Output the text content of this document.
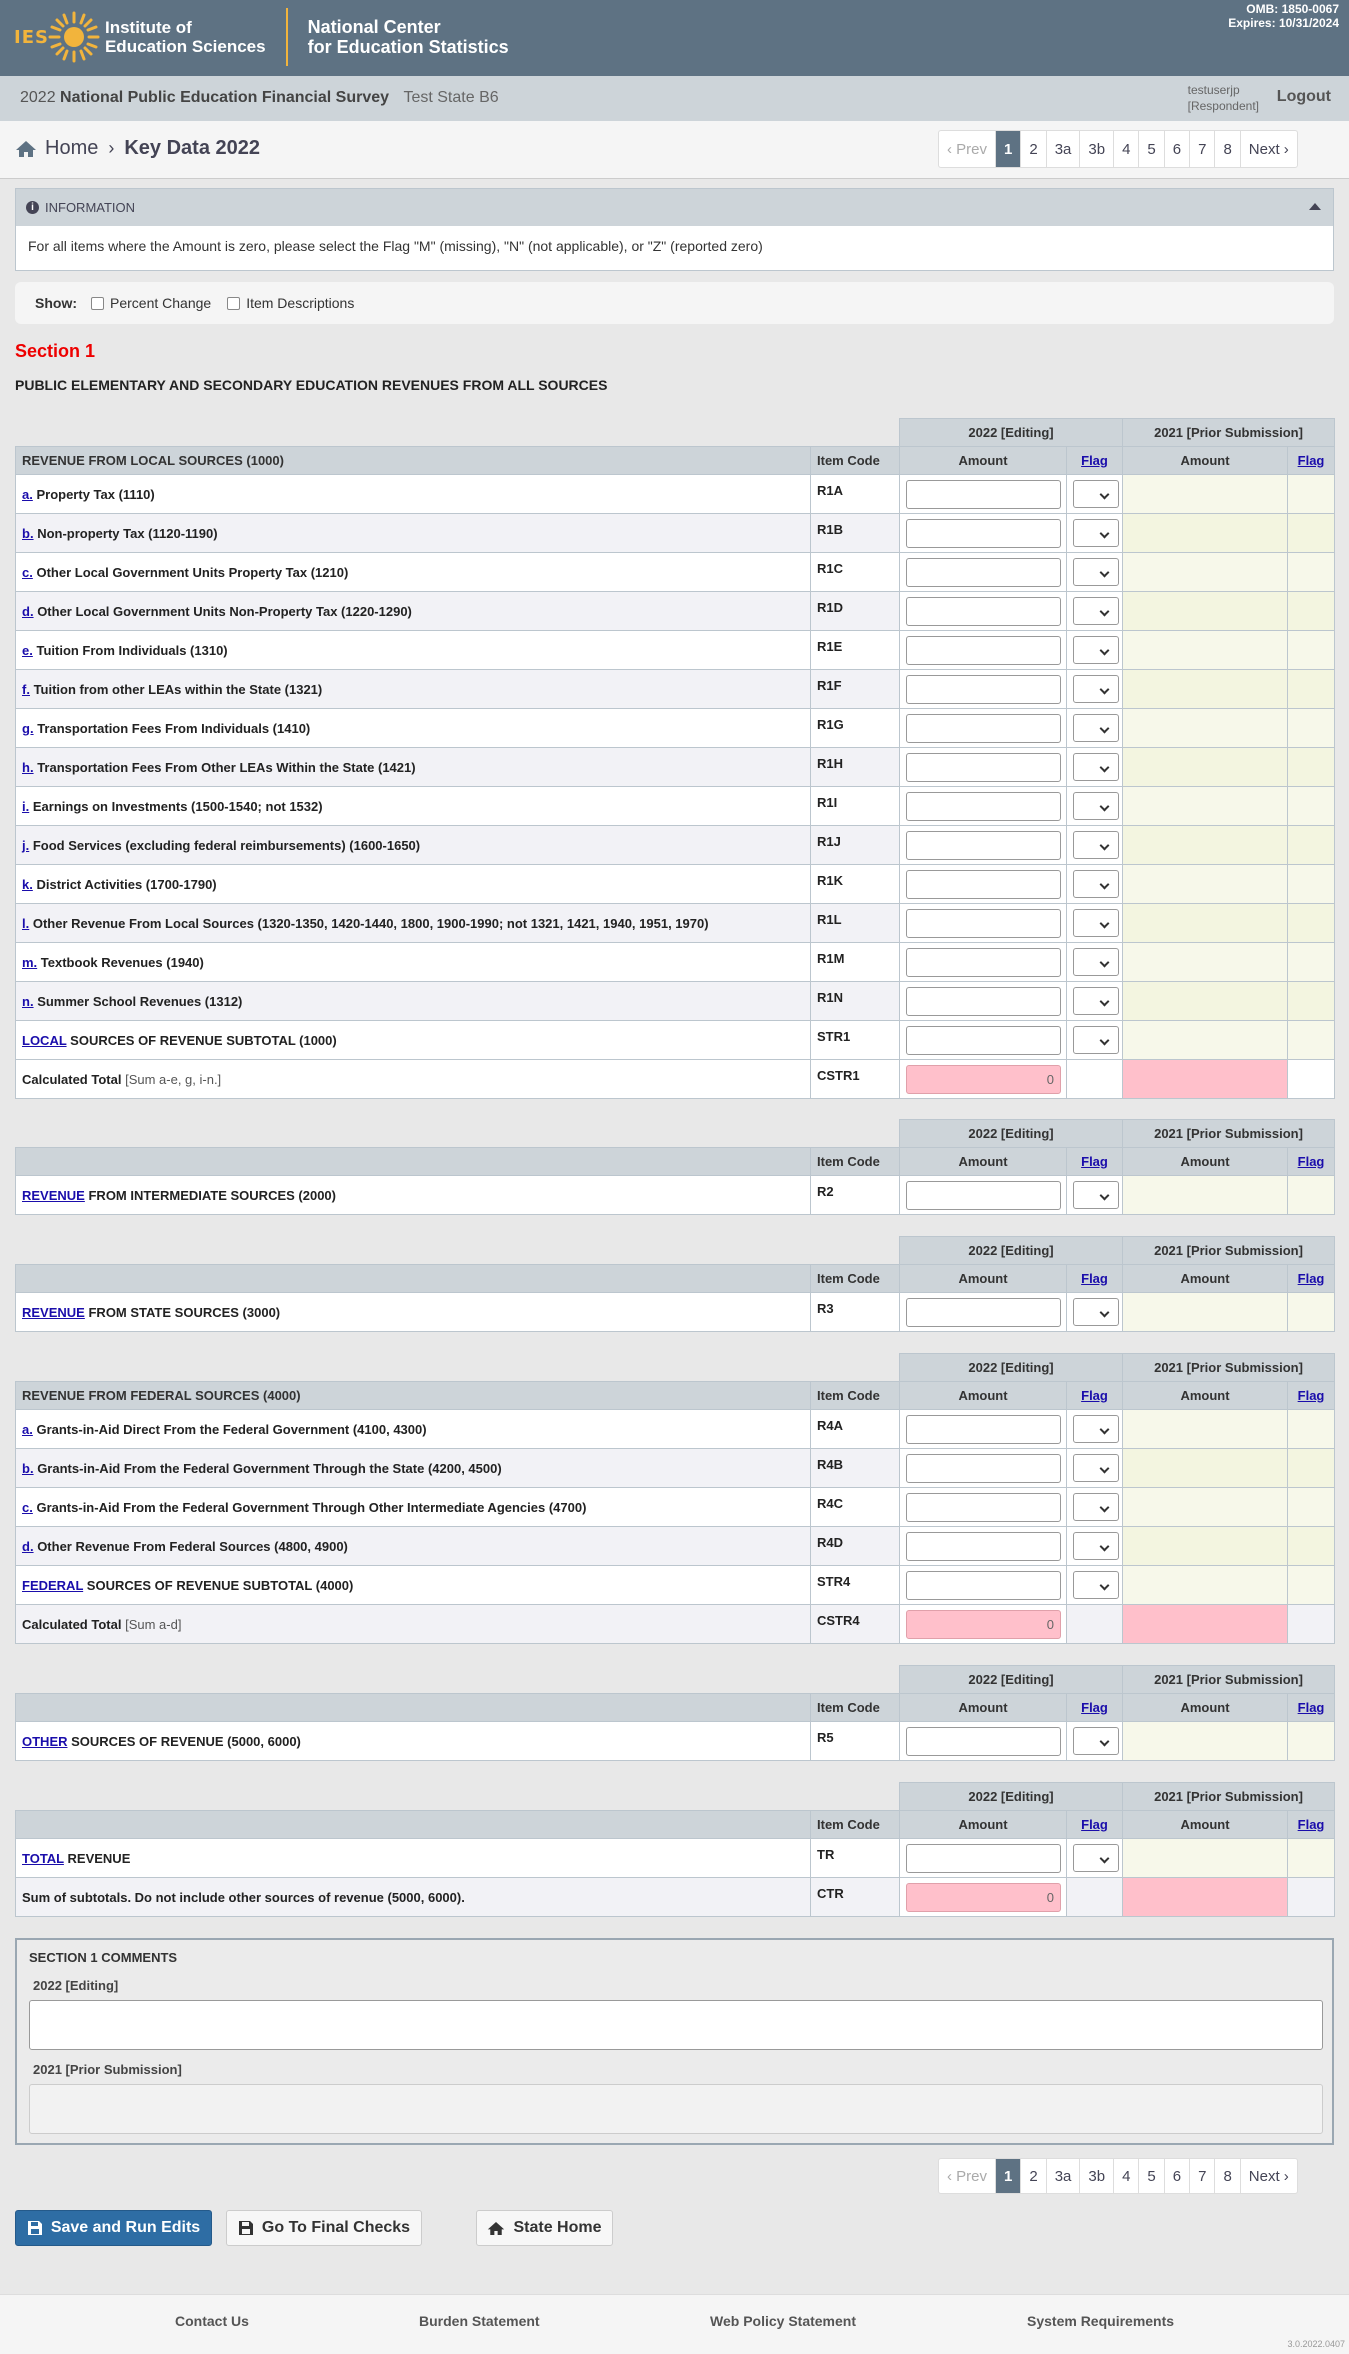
IES	Institute of
Education Sciences
National Center
for Education Statistics
OMB: 1850-0067
Expires: 10/31/2024
2022 National Public Education Financial Survey Test State B6	testuserjp
[Respondent]
Logout
Home › Key Data 2022	‹ Prev	1	2	3a	3b	4	5	6	7	8	Next ›
i INFORMATION
For all items where the Amount is zero, please select the Flag "M" (missing), "N" (not applicable), or "Z" (reported zero)
Show: Percent Change	Item Descriptions
Section 1
PUBLIC ELEMENTARY AND SECONDARY EDUCATION REVENUES FROM ALL SOURCES
		2022 [Editing]		2021 [Prior Submission]	
REVENUE FROM LOCAL SOURCES (1000)	Item Code	Amount	Flag	Amount	Flag
a. Property Tax (1110)	R1A	

b. Non-property Tax (1120-1190)	R1B	

c. Other Local Government Units Property Tax (1210)	R1C	

d. Other Local Government Units Non-Property Tax (1220-1290)	R1D	

e. Tuition From Individuals (1310)	R1E	

f. Tuition from other LEAs within the State (1321)	R1F	

g. Transportation Fees From Individuals (1410)	R1G	

h. Transportation Fees From Other LEAs Within the State (1421)	R1H	

i. Earnings on Investments (1500-1540; not 1532)	R1I	

j. Food Services (excluding federal reimbursements) (1600-1650)	R1J	

k. District Activities (1700-1790)	R1K	

l. Other Revenue From Local Sources (1320-1350, 1420-1440, 1800, 1900-1990; not 1321, 1421, 1940, 1951, 1970)	R1L	

m. Textbook Revenues (1940)	R1M	

n. Summer School Revenues (1312)	R1N	

LOCAL SOURCES OF REVENUE SUBTOTAL (1000)	STR1	

Calculated Total [Sum a-e, g, i-n.]	CSTR1	0			

		2022 [Editing]		2021 [Prior Submission]	
	Item Code	Amount	Flag	Amount	Flag
REVENUE FROM INTERMEDIATE SOURCES (2000)	R2	

		2022 [Editing]		2021 [Prior Submission]	
	Item Code	Amount	Flag	Amount	Flag
REVENUE FROM STATE SOURCES (3000)	R3	

		2022 [Editing]		2021 [Prior Submission]	
REVENUE FROM FEDERAL SOURCES (4000)	Item Code	Amount	Flag	Amount	Flag
a. Grants-in-Aid Direct From the Federal Government (4100, 4300)	R4A	

b. Grants-in-Aid From the Federal Government Through the State (4200, 4500)	R4B	

c. Grants-in-Aid From the Federal Government Through Other Intermediate Agencies (4700)	R4C	

d. Other Revenue From Federal Sources (4800, 4900)	R4D	

FEDERAL SOURCES OF REVENUE SUBTOTAL (4000)	STR4	

Calculated Total [Sum a-d]	CSTR4	0			

		2022 [Editing]		2021 [Prior Submission]	
	Item Code	Amount	Flag	Amount	Flag
OTHER SOURCES OF REVENUE (5000, 6000)	R5	

		2022 [Editing]		2021 [Prior Submission]	
	Item Code	Amount	Flag	Amount	Flag
TOTAL REVENUE	TR	

Sum of subtotals. Do not include other sources of revenue (5000, 6000).	CTR	0			

SECTION 1 COMMENTS
2022 [Editing]
2021 [Prior Submission]
‹ Prev	1	2	3a	3b	4	5	6	7	8	Next ›
Save and Run Edits	Go To Final Checks	State Home
Contact Us	Burden Statement	Web Policy Statement	System Requirements
3.0.2022.0407
